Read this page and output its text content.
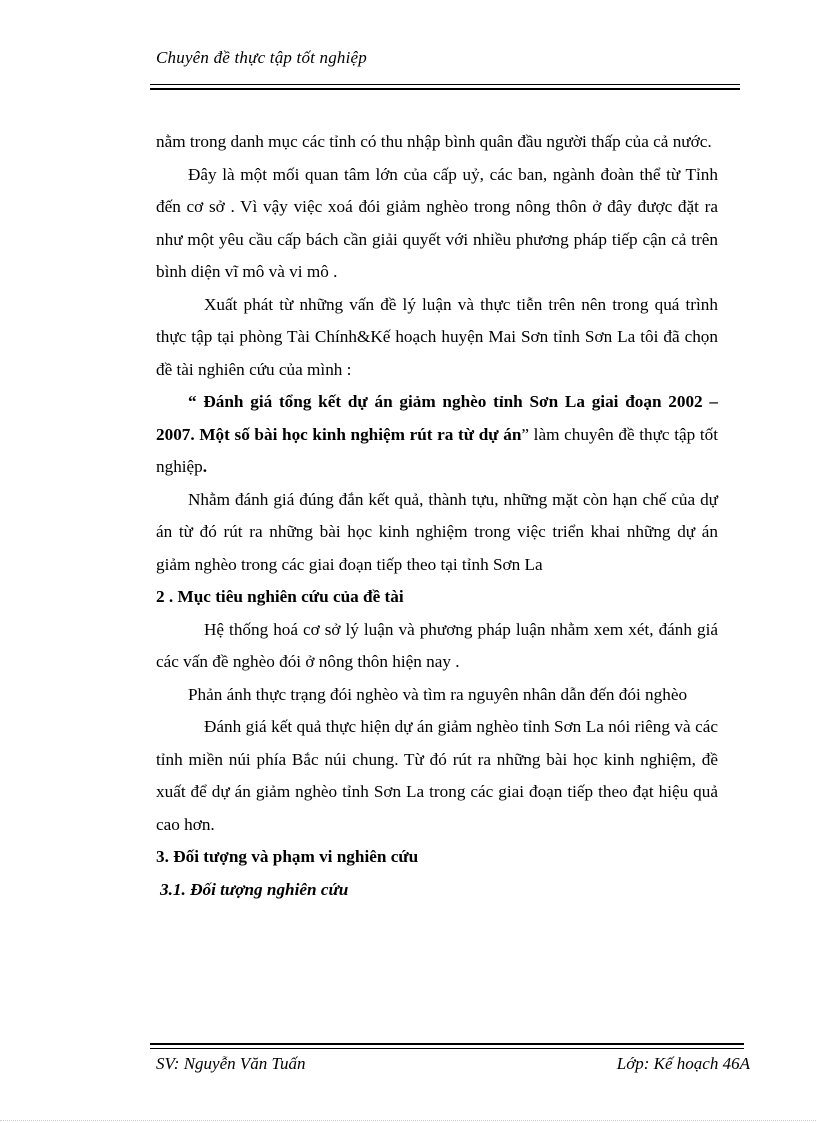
Chuyên đề thực tập tốt nghiệp

nằm trong danh mục các tỉnh có thu nhập bình quân đầu người thấp của cả nước.

Đây là một mối quan tâm lớn của cấp uỷ, các ban, ngành đoàn thể từ Tỉnh đến cơ sở . Vì vậy việc xoá đói giảm nghèo trong nông thôn ở đây được đặt ra như một yêu cầu cấp bách cần giải quyết với nhiều phương pháp tiếp cận cả trên bình diện vĩ mô và vi mô .

Xuất phát từ những vấn đề lý luận và thực tiễn trên nên trong quá trình thực tập tại phòng Tài Chính&Kế hoạch huyện Mai Sơn tỉnh Sơn La tôi đã chọn đề tài nghiên cứu của mình :

“ Đánh giá tổng kết dự án giảm nghèo tỉnh Sơn La giai đoạn 2002 – 2007. Một số bài học kinh nghiệm rút ra từ dự án” làm chuyên đề thực tập tốt nghiệp.

Nhằm đánh giá đúng đắn kết quả, thành tựu, những mặt còn hạn chế của dự án từ đó rút ra những bài học kinh nghiệm trong việc triển khai những dự án giảm nghèo trong các giai đoạn tiếp theo tại tỉnh Sơn La

2 . Mục tiêu nghiên cứu của đề tài

Hệ thống hoá cơ sở lý luận và phương pháp luận nhằm xem xét, đánh giá các vấn đề nghèo đói ở nông thôn hiện nay .

Phản ánh thực trạng đói nghèo và tìm ra nguyên nhân dẫn đến đói nghèo

Đánh giá kết quả thực hiện dự án giảm nghèo tỉnh Sơn La nói riêng và các tỉnh miền núi phía Bắc núi chung. Từ đó rút ra những bài học kinh nghiệm, đề xuất để dự án giảm nghèo tỉnh Sơn La trong các giai đoạn tiếp theo đạt hiệu quả cao hơn.

3. Đối tượng và phạm vi nghiên cứu

3.1. Đối tượng nghiên cứu

SV: Nguyễn Văn Tuấn	Lớp: Kế hoạch 46A
